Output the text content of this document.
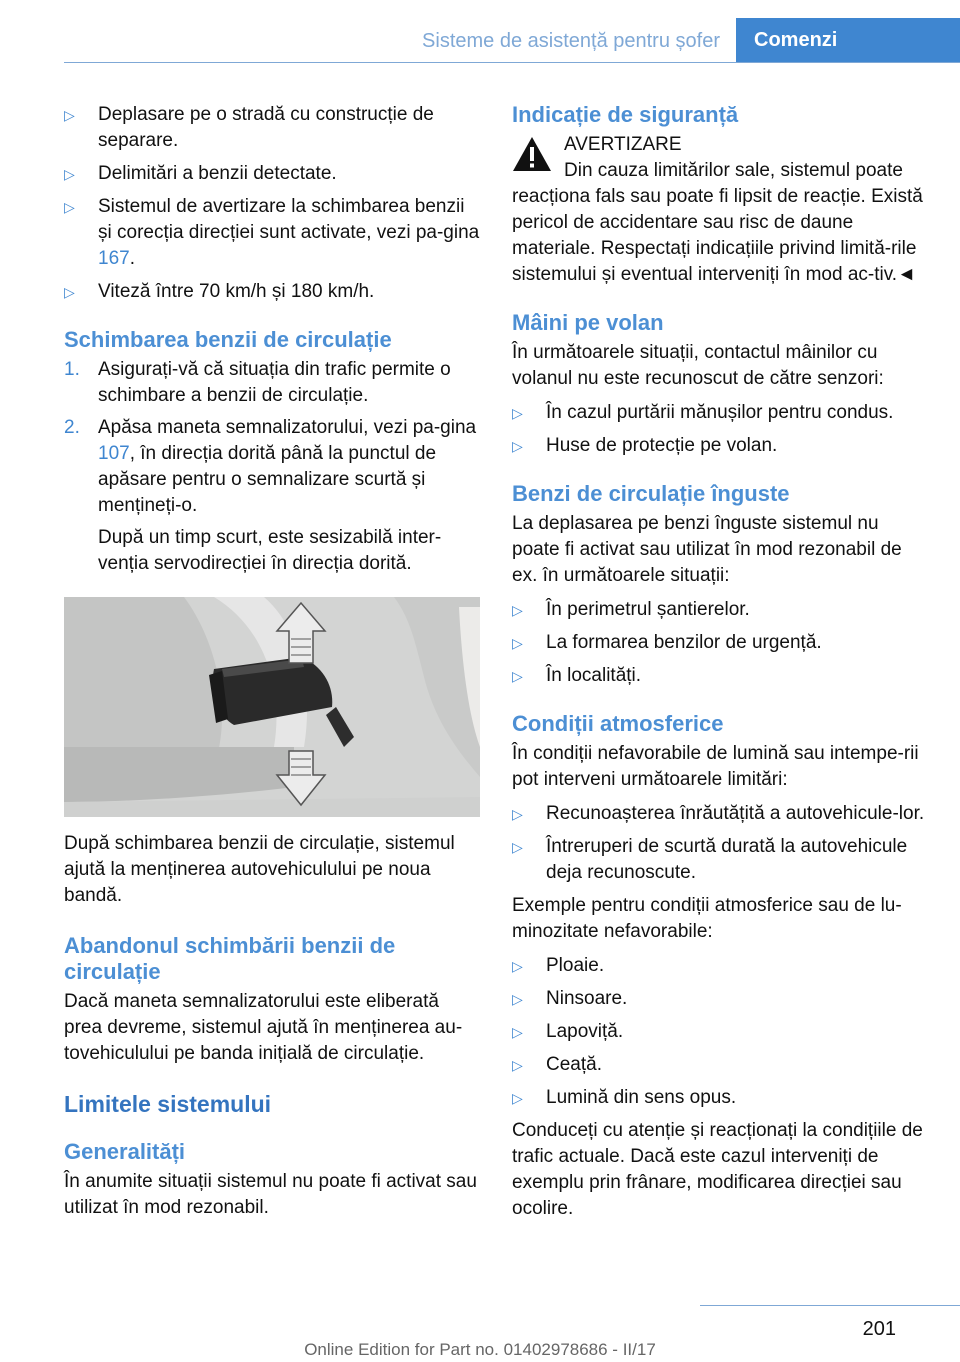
Sisteme de asistență pentru șofer	Comenzi
▷ Deplasare pe o stradă cu construcție de separare.
▷ Delimitări a benzii detectate.
▷ Sistemul de avertizare la schimbarea benzii și corecția direcției sunt activate, vezi pa‐gina 167.
▷ Viteză între 70 km/h și 180 km/h.
Schimbarea benzii de circulație
1. Asigurați-vă că situația din trafic permite o schimbare a benzii de circulație.
2. Apăsa maneta semnalizatorului, vezi pa‐gina 107, în direcția dorită până la punctul de apăsare pentru o semnalizare scurtă și mențineți-o.
După un timp scurt, este sesizabilă inter‐venția servodirecției în direcția dorită.

După schimbarea benzii de circulație, sistemul ajută la menținerea autovehiculului pe noua bandă.

Abandonul schimbării benzii de circulație

Dacă maneta semnalizatorului este eliberată prea devreme, sistemul ajută în menținerea au‐tovehiculului pe banda inițială de circulație.

Limitele sistemului
Generalități

În anumite situații sistemul nu poate fi activat sau utilizat în mod rezonabil.

Indicație de siguranță
AVERTIZARE
Din cauza limitărilor sale, sistemul poate

reacționa fals sau poate fi lipsit de reacție. Există pericol de accidentare sau risc de daune materiale. Respectați indicațiile privind limită‐rile sistemului și eventual interveniți în mod ac‐tiv.◄

Mâini pe volan

În următoarele situații, contactul mâinilor cu volanul nu este recunoscut de către senzori:

▷ În cazul purtării mănușilor pentru condus.
▷ Huse de protecție pe volan.
Benzi de circulație înguste

La deplasarea pe benzi înguste sistemul nu poate fi activat sau utilizat în mod rezonabil de ex. în următoarele situații:

▷ În perimetrul șantierelor.
▷ La formarea benzilor de urgență.
▷ În localități.
Condiții atmosferice

În condiții nefavorabile de lumină sau intempe‐rii pot interveni următoarele limitări:

▷ Recunoașterea înrăutățită a autovehicule‐lor.
▷ Întreruperi de scurtă durată la autovehicule deja recunoscute.

Exemple pentru condiții atmosferice sau de lu‐minozitate nefavorabile:

▷ Ploaie.
▷ Ninsoare.
▷ Lapoviță.
▷ Ceață.
▷ Lumină din sens opus.

Conduceți cu atenție și reacționați la condițiile de trafic actuale. Dacă este cazul interveniți de exemplu prin frânare, modificarea direcției sau ocolire.

201
Online Edition for Part no. 01402978686 - II/17
